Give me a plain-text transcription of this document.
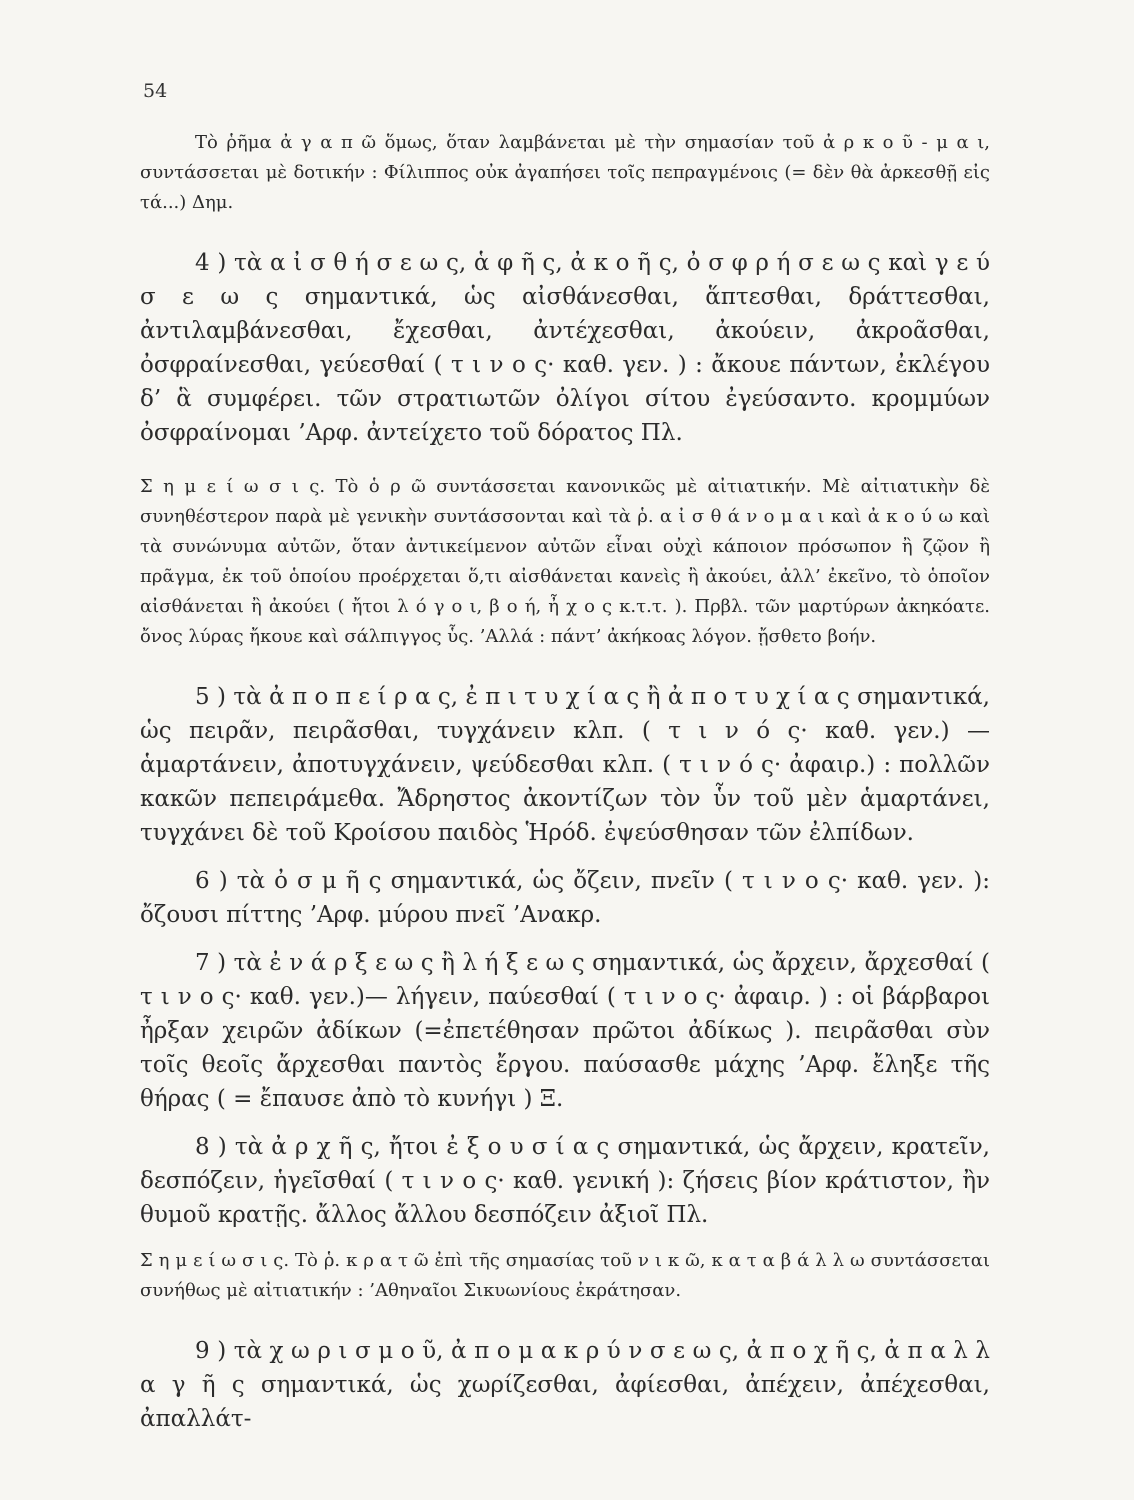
54

Τὸ ῥῆμα ἀ γ α π ῶ ὅμως, ὅταν λαμβάνεται μὲ τὴν σημασίαν τοῦ ἀ ρ κ ο ῦ - μ α ι, συντάσσεται μὲ δοτικήν : Φίλιππος οὐκ ἀγαπήσει τοῖς πεπραγμένοις (= δὲν θὰ ἀρκεσθῇ εἰς τά...) Δημ.

4 ) τὰ α ἰ σ θ ή σ ε ω ς, ἁ φ ῆ ς, ἀ κ ο ῆ ς, ὀ σ φ ρ ή σ ε ω ς καὶ γ ε ύ σ ε ω ς σημαντικά, ὡς αἰσθάνεσθαι, ἅπτεσθαι, δράττεσθαι, ἀντιλαμβάνεσθαι, ἔχεσθαι, ἀντέχεσθαι, ἀκούειν, ἀκροᾶσθαι, ὀσφραίνεσθαι, γεύεσθαί ( τ ι ν ο ς· καθ. γεν. ) : ἄκουε πάντων, ἐκλέγου δ’ ἃ συμφέρει. τῶν στρατιωτῶν ὀλίγοι σίτου ἐγεύσαντο. κρομμύων ὀσφραίνομαι ’Αρφ. ἀντείχετο τοῦ δόρατος Πλ.

Σ η μ ε ί ω σ ι ς. Τὸ ὁ ρ ῶ συντάσσεται κανονικῶς μὲ αἰτιατικήν. Μὲ αἰτιατικὴν δὲ συνηθέστερον παρὰ μὲ γενικὴν συντάσσονται καὶ τὰ ῥ. α ἰ σ θ ά ν ο μ α ι καὶ ἀ κ ο ύ ω καὶ τὰ συνώνυμα αὐτῶν, ὅταν ἀντικείμενον αὐτῶν εἶναι οὐχὶ κάποιον πρόσωπον ἢ ζῷον ἢ πρᾶγμα, ἐκ τοῦ ὁποίου προέρχεται ὅ,τι αἰσθάνεται κανεὶς ἢ ἀκούει, ἀλλ’ ἐκεῖνο, τὸ ὁποῖον αἰσθάνεται ἢ ἀκούει ( ἤτοι λ ό γ ο ι, β ο ή, ἦ χ ο ς κ.τ.τ. ). Πρβλ. τῶν μαρτύρων ἀκηκόατε. ὄνος λύρας ἤκουε καὶ σάλπιγγος ὗς. ’Αλλά : πάντ’ ἀκήκοας λόγον. ᾔσθετο βοήν.

5 ) τὰ ἀ π ο π ε ί ρ α ς, ἐ π ι τ υ χ ί α ς ἢ ἀ π ο τ υ χ ί α ς σημαντικά, ὡς πειρᾶν, πειρᾶσθαι, τυγχάνειν κλπ. ( τ ι ν ό ς· καθ. γεν.) — ἁμαρτάνειν, ἀποτυγχάνειν, ψεύδεσθαι κλπ. ( τ ι ν ό ς· ἀφαιρ.) : πολλῶν κακῶν πεπειράμεθα. Ἄδρηστος ἀκοντίζων τὸν ὗν τοῦ μὲν ἁμαρτάνει, τυγχάνει δὲ τοῦ Κροίσου παιδὸς Ἡρόδ. ἐψεύσθησαν τῶν ἐλπίδων.

6 ) τὰ ὀ σ μ ῆ ς σημαντικά, ὡς ὄζειν, πνεῖν ( τ ι ν ο ς· καθ. γεν. ): ὄζουσι πίττης ’Αρφ. μύρου πνεῖ ’Ανακρ.

7 ) τὰ ἐ ν ά ρ ξ ε ω ς ἢ λ ή ξ ε ω ς σημαντικά, ὡς ἄρχειν, ἄρχεσθαί ( τ ι ν ο ς· καθ. γεν.)— λήγειν, παύεσθαί ( τ ι ν ο ς· ἀφαιρ. ) : οἱ βάρβαροι ἦρξαν χειρῶν ἀδίκων (=ἐπετέθησαν πρῶτοι ἀδίκως ). πειρᾶσθαι σὺν τοῖς θεοῖς ἄρχεσθαι παντὸς ἔργου. παύσασθε μάχης ’Αρφ. ἔληξε τῆς θήρας ( = ἔπαυσε ἀπὸ τὸ κυνήγι ) Ξ.

8 ) τὰ ἀ ρ χ ῆ ς, ἤτοι ἐ ξ ο υ σ ί α ς σημαντικά, ὡς ἄρχειν, κρατεῖν, δεσπόζειν, ἡγεῖσθαί ( τ ι ν ο ς· καθ. γενική ): ζήσεις βίον κράτιστον, ἢν θυμοῦ κρατῇς. ἄλλος ἄλλου δεσπόζειν ἀξιοῖ Πλ.

Σ η μ ε ί ω σ ι ς. Τὸ ῥ. κ ρ α τ ῶ ἐπὶ τῆς σημασίας τοῦ ν ι κ ῶ, κ α τ α β ά λ λ ω συντάσσεται συνήθως μὲ αἰτιατικήν : ’Αθηναῖοι Σικυωνίους ἐκράτησαν.

9 ) τὰ χ ω ρ ι σ μ ο ῦ, ἀ π ο μ α κ ρ ύ ν σ ε ω ς, ἀ π ο χ ῆ ς, ἀ π α λ λ α γ ῆ ς σημαντικά, ὡς χωρίζεσθαι, ἀφίεσθαι, ἀπέχειν, ἀπέχεσθαι, ἀπαλλάτ-
